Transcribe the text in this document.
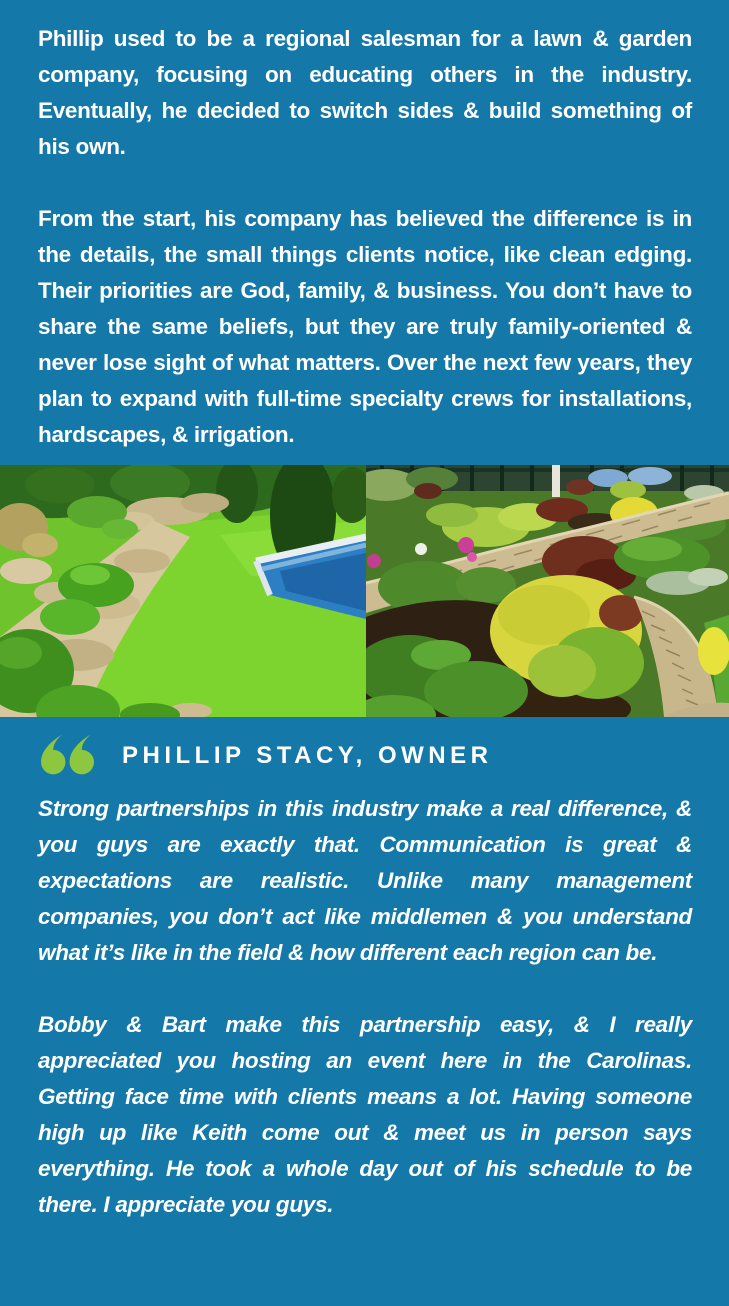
Phillip used to be a regional salesman for a lawn & garden company, focusing on educating others in the industry. Eventually, he decided to switch sides & build something of his own.

From the start, his company has believed the difference is in the details, the small things clients notice, like clean edging. Their priorities are God, family, & business. You don’t have to share the same beliefs, but they are truly family-oriented & never lose sight of what matters. Over the next few years, they plan to expand with full-time specialty crews for installations, hardscapes, & irrigation.

PHILLIP STACY, OWNER

Strong partnerships in this industry make a real difference, & you guys are exactly that. Communication is great & expectations are realistic. Unlike many management companies, you don’t act like middlemen & you understand what it’s like in the field & how different each region can be.

Bobby & Bart make this partnership easy, & I really appreciated you hosting an event here in the Carolinas. Getting face time with clients means a lot. Having someone high up like Keith come out & meet us in person says everything. He took a whole day out of his schedule to be there. I appreciate you guys.
